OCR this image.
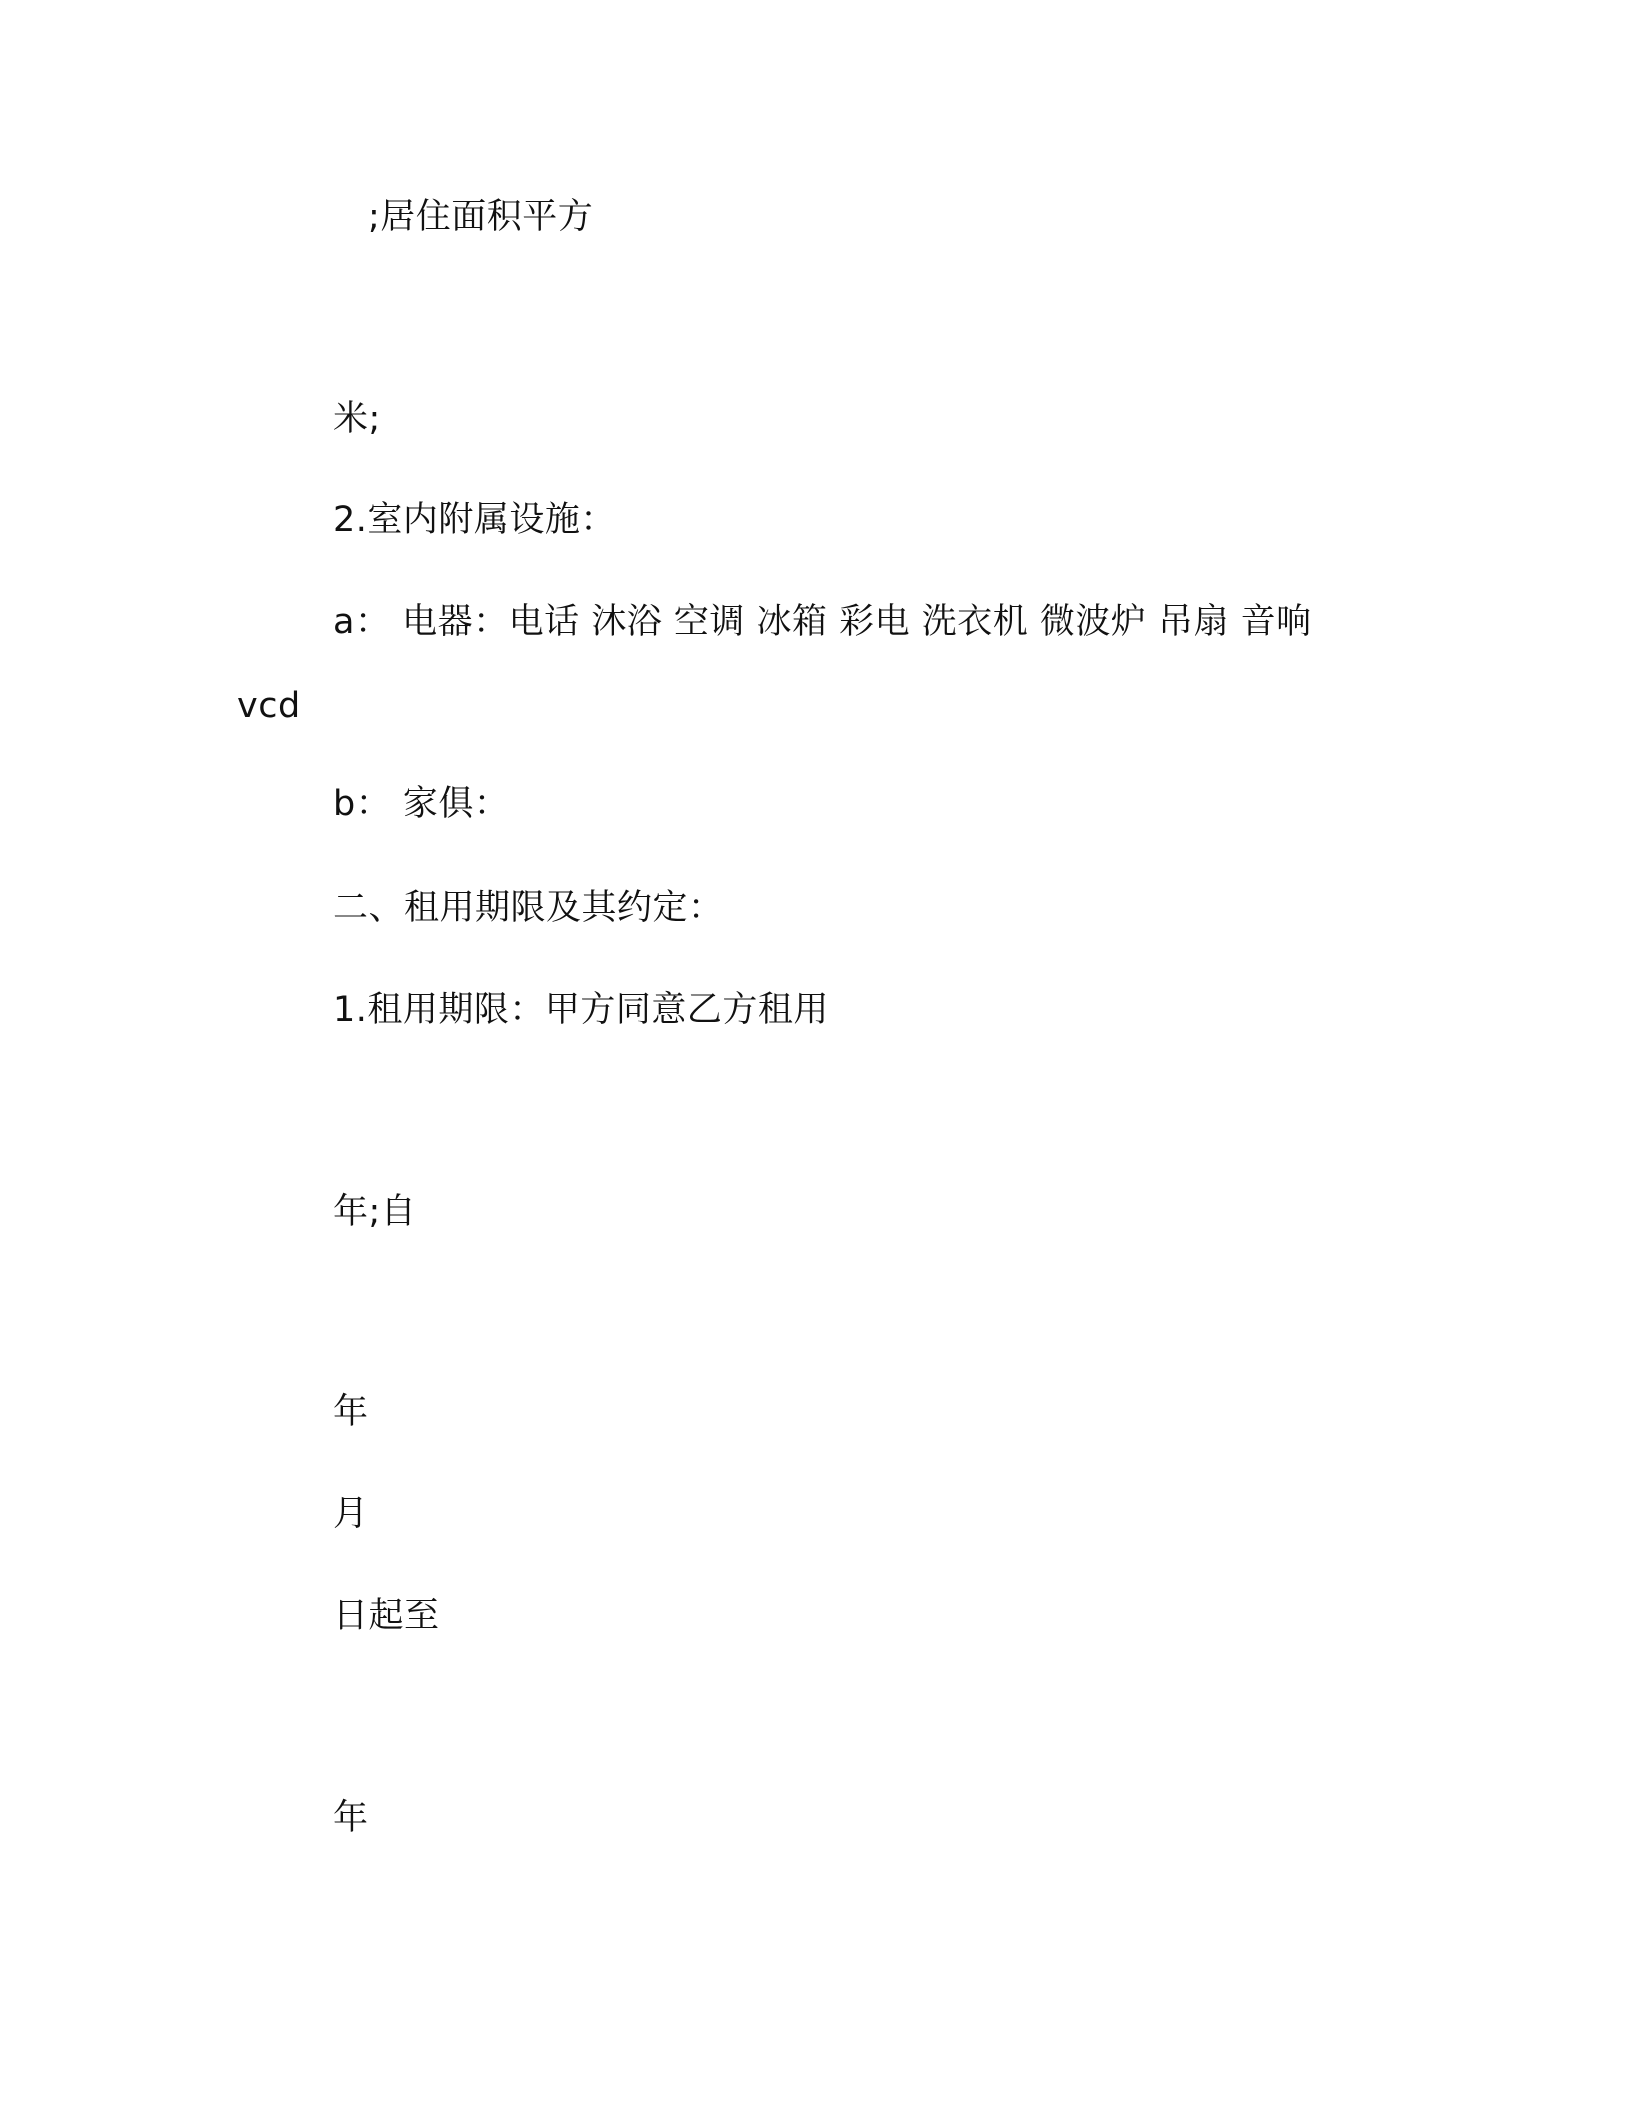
;居住面积平方
米;
2.室内附属设施：
a： 电器：电话 沐浴 空调 冰箱 彩电 洗衣机 微波炉 吊扇 音响
vcd
b： 家俱：
二、租用期限及其约定：
1.租用期限：甲方同意乙方租用
年;自
年
月
日起至
年
